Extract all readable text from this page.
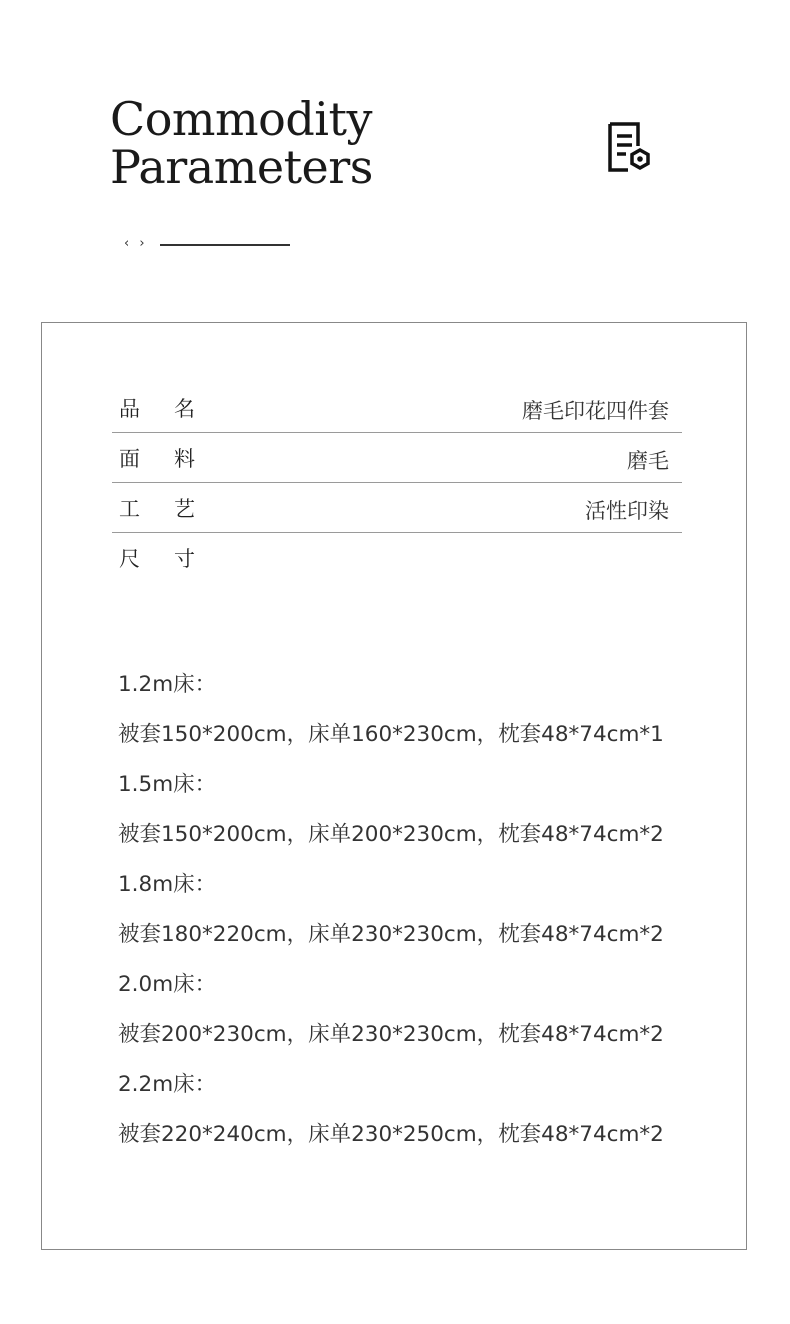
Commodity
Parameters
‹ ›
品名	磨毛印花四件套
面料	磨毛
工艺	活性印染
尺寸
1.2m床：
被套150*200cm，床单160*230cm，枕套48*74cm*1
1.5m床：
被套150*200cm，床单200*230cm，枕套48*74cm*2
1.8m床：
被套180*220cm，床单230*230cm，枕套48*74cm*2
2.0m床：
被套200*230cm，床单230*230cm，枕套48*74cm*2
2.2m床：
被套220*240cm，床单230*250cm，枕套48*74cm*2
